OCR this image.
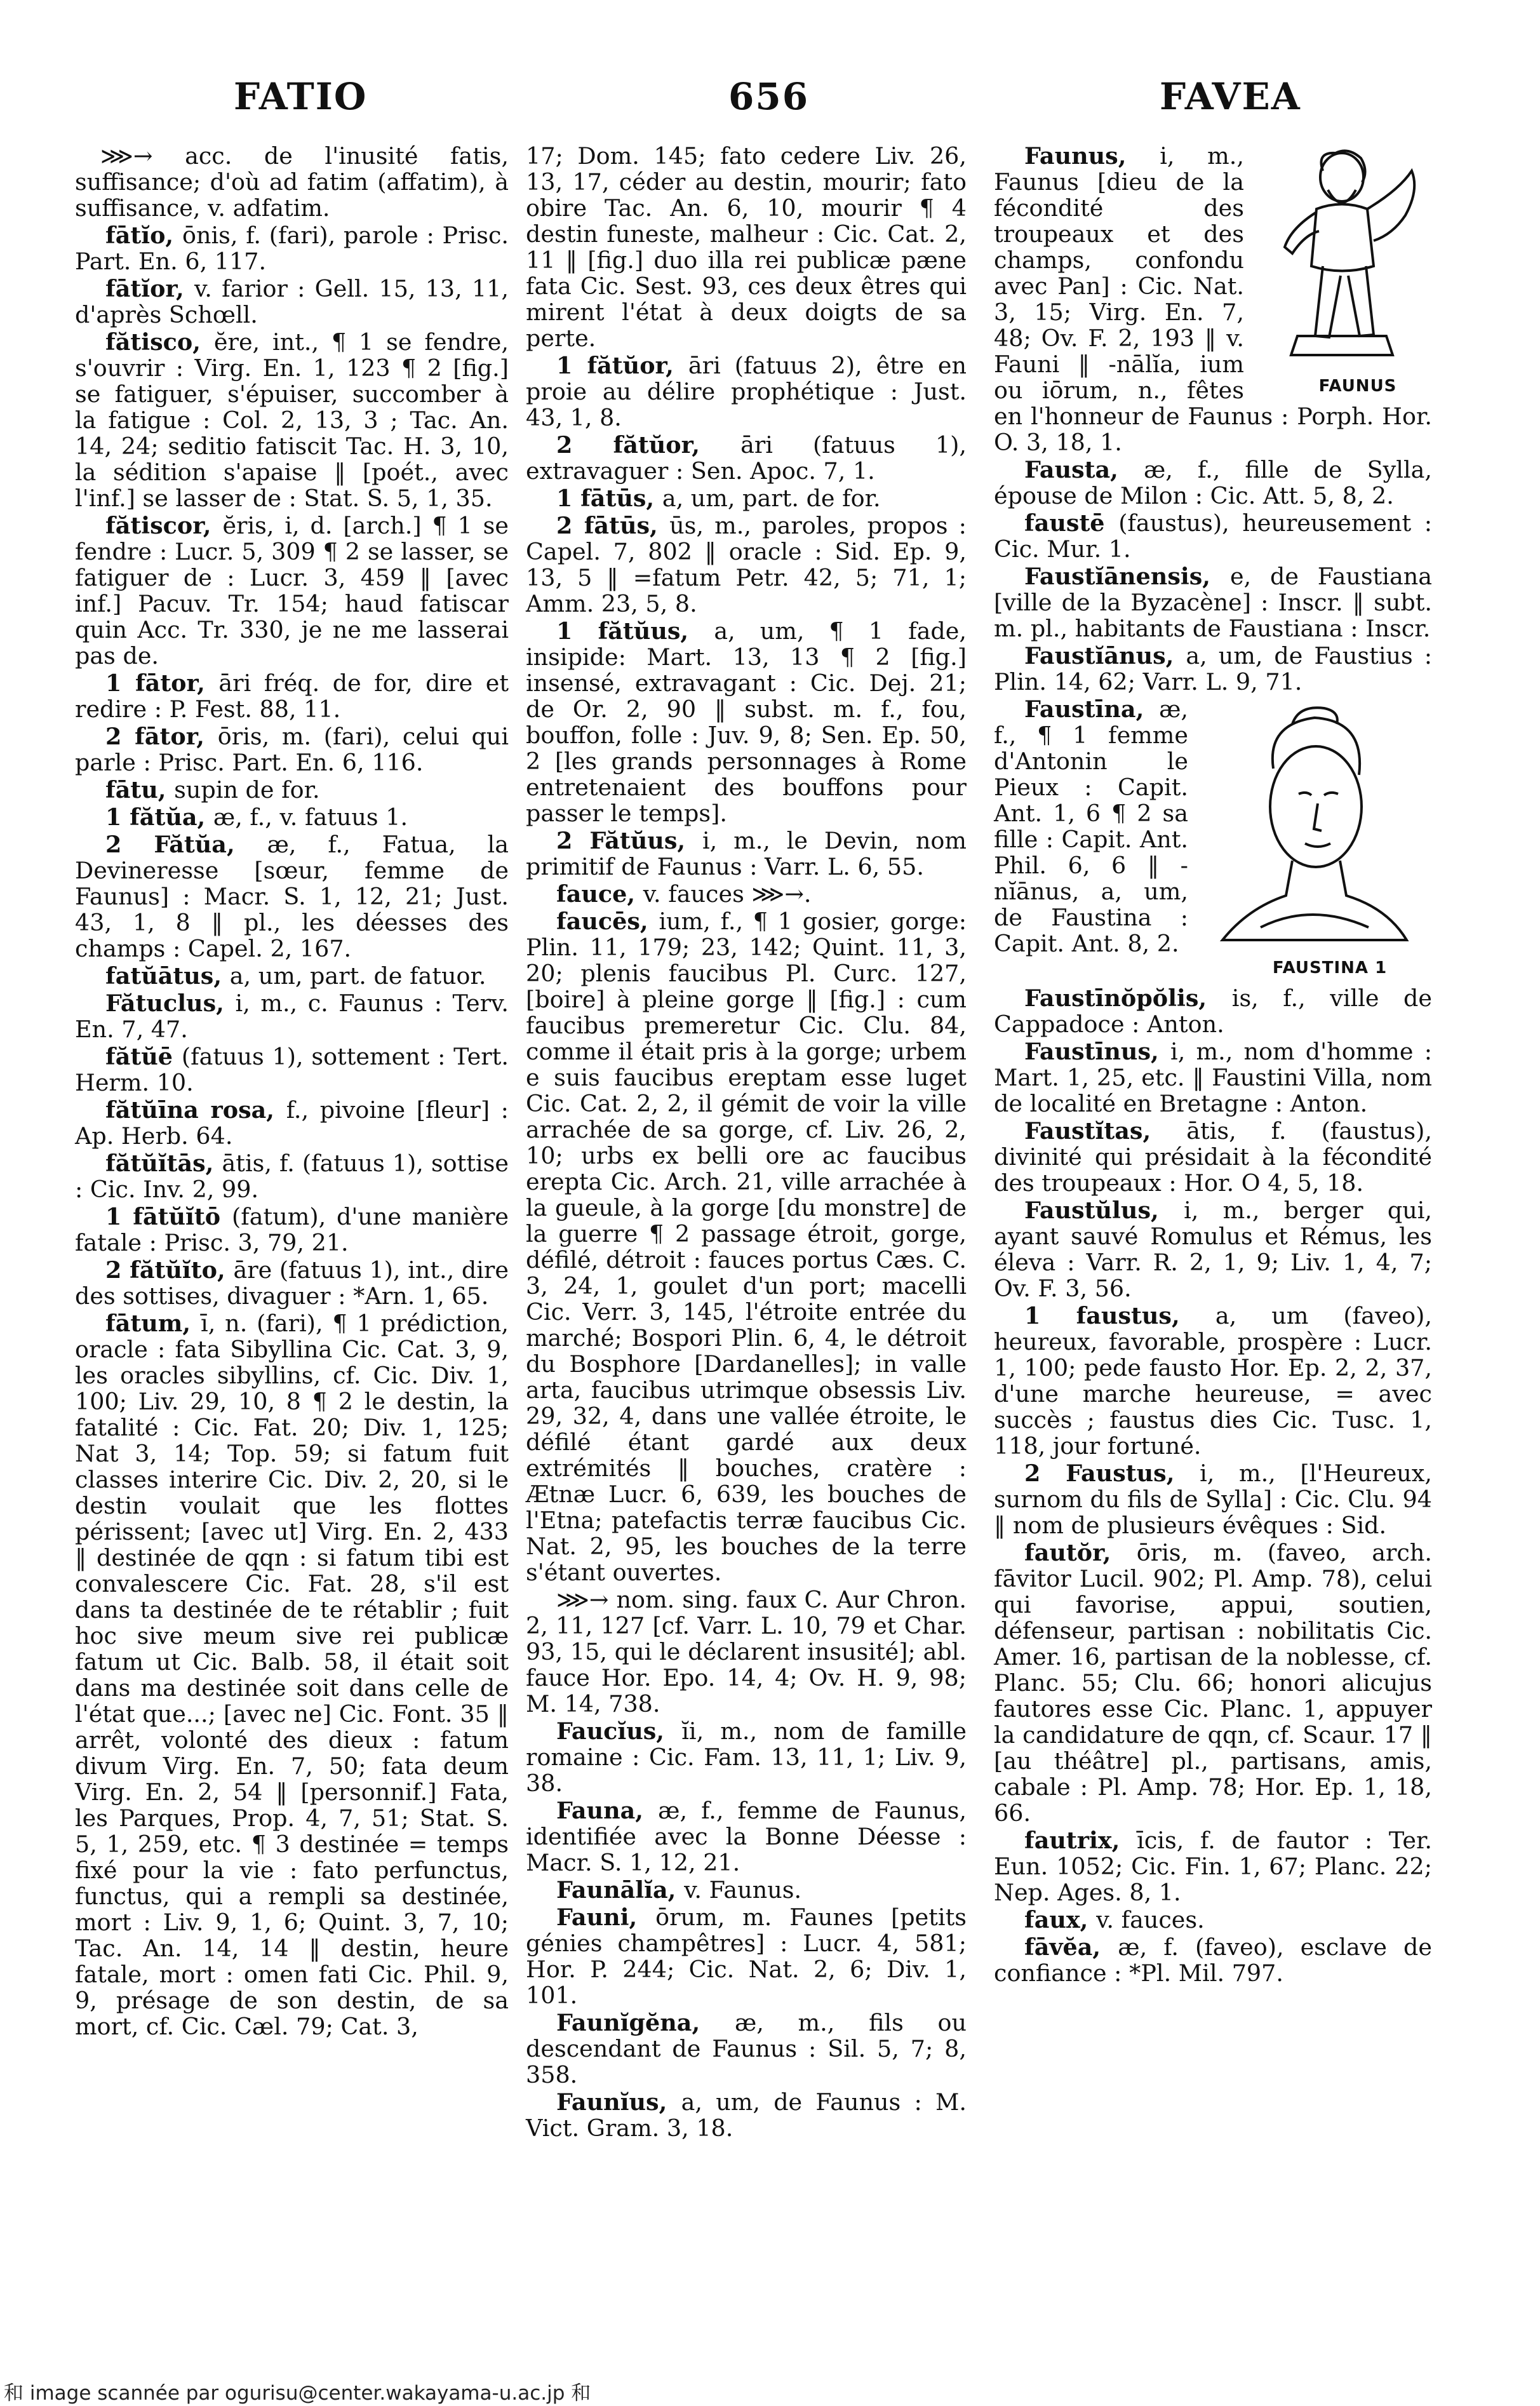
FATIO	656	FAVEA

⋙→ acc. de l'inusité fatis, suffisance; d'où ad fatim (affatim), à suffisance, v. adfatim.

fātĭo, ōnis, f. (fari), parole : Prisc. Part. En. 6, 117.

fātĭor, v. farior : Gell. 15, 13, 11, d'après Schœll.

fătisco, ĕre, int., ¶ 1 se fendre, s'ouvrir : Virg. En. 1, 123 ¶ 2 [fig.] se fatiguer, s'épuiser, succomber à la fatigue : Col. 2, 13, 3 ; Tac. An. 14, 24; seditio fatiscit Tac. H. 3, 10, la sédition s'apaise ‖ [poét., avec l'inf.] se lasser de : Stat. S. 5, 1, 35.

fătiscor, ĕris, i, d. [arch.] ¶ 1 se fendre : Lucr. 5, 309 ¶ 2 se lasser, se fatiguer de : Lucr. 3, 459 ‖ [avec inf.] Pacuv. Tr. 154; haud fatiscar quin Acc. Tr. 330, je ne me lasserai pas de.

1 fātor, āri fréq. de for, dire et redire : P. Fest. 88, 11.

2 fātor, ōris, m. (fari), celui qui parle : Prisc. Part. En. 6, 116.

fātu, supin de for.

1 fătŭa, æ, f., v. fatuus 1.

2 Fătŭa, æ, f., Fatua, la Devineresse [sœur, femme de Faunus] : Macr. S. 1, 12, 21; Just. 43, 1, 8 ‖ pl., les déesses des champs : Capel. 2, 167.

fatŭātus, a, um, part. de fatuor.

Fătuclus, i, m., c. Faunus : Terv. En. 7, 47.

fătŭē (fatuus 1), sottement : Tert. Herm. 10.

fătŭīna rosa, f., pivoine [fleur] : Ap. Herb. 64.

fătŭĭtās, ātis, f. (fatuus 1), sottise : Cic. Inv. 2, 99.

1 fātŭĭtō (fatum), d'une manière fatale : Prisc. 3, 79, 21.

2 fătŭĭto, āre (fatuus 1), int., dire des sottises, divaguer : *Arn. 1, 65.

fātum, ī, n. (fari), ¶ 1 prédiction, oracle : fata Sibyllina Cic. Cat. 3, 9, les oracles sibyllins, cf. Cic. Div. 1, 100; Liv. 29, 10, 8 ¶ 2 le destin, la fatalité : Cic. Fat. 20; Div. 1, 125; Nat 3, 14; Top. 59; si fatum fuit classes interire Cic. Div. 2, 20, si le destin voulait que les flottes périssent; [avec ut] Virg. En. 2, 433 ‖ destinée de qqn : si fatum tibi est convalescere Cic. Fat. 28, s'il est dans ta destinée de te rétablir ; fuit hoc sive meum sive rei publicæ fatum ut Cic. Balb. 58, il était soit dans ma destinée soit dans celle de l'état que...; [avec ne] Cic. Font. 35 ‖ arrêt, volonté des dieux : fatum divum Virg. En. 7, 50; fata deum Virg. En. 2, 54 ‖ [personnif.] Fata, les Parques, Prop. 4, 7, 51; Stat. S. 5, 1, 259, etc. ¶ 3 destinée = temps fixé pour la vie : fato perfunctus, functus, qui a rempli sa destinée, mort : Liv. 9, 1, 6; Quint. 3, 7, 10; Tac. An. 14, 14 ‖ destin, heure fatale, mort : omen fati Cic. Phil. 9, 9, présage de son destin, de sa mort, cf. Cic. Cæl. 79; Cat. 3,

17; Dom. 145; fato cedere Liv. 26, 13, 17, céder au destin, mourir; fato obire Tac. An. 6, 10, mourir ¶ 4 destin funeste, malheur : Cic. Cat. 2, 11 ‖ [fig.] duo illa rei publicæ pæne fata Cic. Sest. 93, ces deux êtres qui mirent l'état à deux doigts de sa perte.

1 fătŭor, āri (fatuus 2), être en proie au délire prophétique : Just. 43, 1, 8.

2 fătŭor, āri (fatuus 1), extravaguer : Sen. Apoc. 7, 1.

1 fātūs, a, um, part. de for.

2 fātūs, ūs, m., paroles, propos : Capel. 7, 802 ‖ oracle : Sid. Ep. 9, 13, 5 ‖ =fatum Petr. 42, 5; 71, 1; Amm. 23, 5, 8.

1 fătŭus, a, um, ¶ 1 fade, insipide: Mart. 13, 13 ¶ 2 [fig.] insensé, extravagant : Cic. Dej. 21; de Or. 2, 90 ‖ subst. m. f., fou, bouffon, folle : Juv. 9, 8; Sen. Ep. 50, 2 [les grands personnages à Rome entretenaient des bouffons pour passer le temps].

2 Fătŭus, i, m., le Devin, nom primitif de Faunus : Varr. L. 6, 55.

fauce, v. fauces ⋙→.

faucēs, ium, f., ¶ 1 gosier, gorge: Plin. 11, 179; 23, 142; Quint. 11, 3, 20; plenis faucibus Pl. Curc. 127, [boire] à pleine gorge ‖ [fig.] : cum faucibus premeretur Cic. Clu. 84, comme il était pris à la gorge; urbem e suis faucibus ereptam esse luget Cic. Cat. 2, 2, il gémit de voir la ville arrachée de sa gorge, cf. Liv. 26, 2, 10; urbs ex belli ore ac faucibus erepta Cic. Arch. 21, ville arrachée à la gueule, à la gorge [du monstre] de la guerre ¶ 2 passage étroit, gorge, défilé, détroit : fauces portus Cæs. C. 3, 24, 1, goulet d'un port; macelli Cic. Verr. 3, 145, l'étroite entrée du marché; Bospori Plin. 6, 4, le détroit du Bosphore [Dardanelles]; in valle arta, faucibus utrimque obsessis Liv. 29, 32, 4, dans une vallée étroite, le défilé étant gardé aux deux extrémités ‖ bouches, cratère : Ætnæ Lucr. 6, 639, les bouches de l'Etna; patefactis terræ faucibus Cic. Nat. 2, 95, les bouches de la terre s'étant ouvertes.

⋙→ nom. sing. faux C. Aur Chron. 2, 11, 127 [cf. Varr. L. 10, 79 et Char. 93, 15, qui le déclarent insusité]; abl. fauce Hor. Epo. 14, 4; Ov. H. 9, 98; M. 14, 738.

Faucĭus, ĭi, m., nom de famille romaine : Cic. Fam. 13, 11, 1; Liv. 9, 38.

Fauna, æ, f., femme de Faunus, identifiée avec la Bonne Déesse : Macr. S. 1, 12, 21.

Faunālĭa, v. Faunus.

Fauni, ōrum, m. Faunes [petits génies champêtres] : Lucr. 4, 581; Hor. P. 244; Cic. Nat. 2, 6; Div. 1, 101.

Faunĭgĕna, æ, m., fils ou descendant de Faunus : Sil. 5, 7; 8, 358.

Faunĭus, a, um, de Faunus : M. Vict. Gram. 3, 18.

FAUNUS
Faunus, i, m., Faunus [dieu de la fécondité des troupeaux et des champs, confondu avec Pan] : Cic. Nat. 3, 15; Virg. En. 7, 48; Ov. F. 2, 193 ‖ v. Fauni ‖ -nālĭa, ium ou iōrum, n., fêtes en l'honneur de Faunus : Porph. Hor. O. 3, 18, 1.

Fausta, æ, f., fille de Sylla, épouse de Milon : Cic. Att. 5, 8, 2.

faustē (faustus), heureusement : Cic. Mur. 1.

Faustĭānensis, e, de Faustiana [ville de la Byzacène] : Inscr. ‖ subt. m. pl., habitants de Faustiana : Inscr.

Faustĭānus, a, um, de Faustius : Plin. 14, 62; Varr. L. 9, 71.

FAUSTINA 1
Faustīna, æ, f., ¶ 1 femme d'Antonin le Pieux : Capit. Ant. 1, 6 ¶ 2 sa fille : Capit. Ant. Phil. 6, 6 ‖ -nĭānus, a, um, de Faustina : Capit. Ant. 8, 2.

Faustīnŏpŏlis, is, f., ville de Cappadoce : Anton.

Faustīnus, i, m., nom d'homme : Mart. 1, 25, etc. ‖ Faustini Villa, nom de localité en Bretagne : Anton.

Faustĭtas, ātis, f. (faustus), divinité qui présidait à la fécondité des troupeaux : Hor. O 4, 5, 18.

Faustŭlus, i, m., berger qui, ayant sauvé Romulus et Rémus, les éleva : Varr. R. 2, 1, 9; Liv. 1, 4, 7; Ov. F. 3, 56.

1 faustus, a, um (faveo), heureux, favorable, prospère : Lucr. 1, 100; pede fausto Hor. Ep. 2, 2, 37, d'une marche heureuse, = avec succès ; faustus dies Cic. Tusc. 1, 118, jour fortuné.

2 Faustus, i, m., [l'Heureux, surnom du fils de Sylla] : Cic. Clu. 94 ‖ nom de plusieurs évêques : Sid.

fautŏr, ōris, m. (faveo, arch. fāvitor Lucil. 902; Pl. Amp. 78), celui qui favorise, appui, soutien, défenseur, partisan : nobilitatis Cic. Amer. 16, partisan de la noblesse, cf. Planc. 55; Clu. 66; honori alicujus fautores esse Cic. Planc. 1, appuyer la candidature de qqn, cf. Scaur. 17 ‖ [au théâtre] pl., partisans, amis, cabale : Pl. Amp. 78; Hor. Ep. 1, 18, 66.

fautrix, īcis, f. de fautor : Ter. Eun. 1052; Cic. Fin. 1, 67; Planc. 22; Nep. Ages. 8, 1.

faux, v. fauces.

fāvĕa, æ, f. (faveo), esclave de confiance : *Pl. Mil. 797.

和 image scannée par ogurisu@center.wakayama-u.ac.jp 和
